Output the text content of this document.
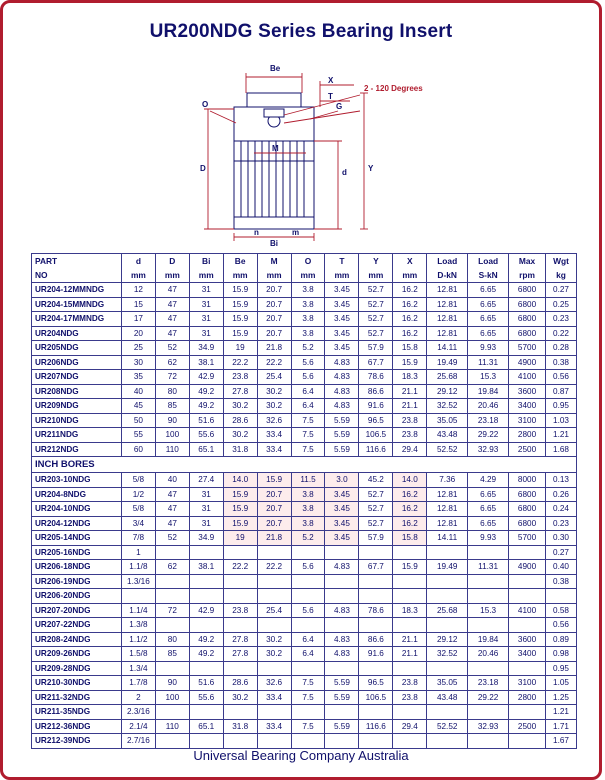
UR200NDG Series Bearing Insert
Be
X
T
G
O
D
M
d	Y
n	m
Bi
2 - 120 Degrees
PART	d	D	Bi	Be	M	O	T	Y	X	Load	Load	Max	Wgt
NO	mm	mm	mm	mm	mm	mm	mm	mm	mm	D-kN	S-kN	rpm	kg
UR204-12MMNDG	12	47	31	15.9	20.7	3.8	3.45	52.7	16.2	12.81	6.65	6800	0.27
UR204-15MMNDG	15	47	31	15.9	20.7	3.8	3.45	52.7	16.2	12.81	6.65	6800	0.25
UR204-17MMNDG	17	47	31	15.9	20.7	3.8	3.45	52.7	16.2	12.81	6.65	6800	0.23
UR204NDG	20	47	31	15.9	20.7	3.8	3.45	52.7	16.2	12.81	6.65	6800	0.22
UR205NDG	25	52	34.9	19	21.8	5.2	3.45	57.9	15.8	14.11	9.93	5700	0.28
UR206NDG	30	62	38.1	22.2	22.2	5.6	4.83	67.7	15.9	19.49	11.31	4900	0.38
UR207NDG	35	72	42.9	23.8	25.4	5.6	4.83	78.6	18.3	25.68	15.3	4100	0.56
UR208NDG	40	80	49.2	27.8	30.2	6.4	4.83	86.6	21.1	29.12	19.84	3600	0.87
UR209NDG	45	85	49.2	30.2	30.2	6.4	4.83	91.6	21.1	32.52	20.46	3400	0.95
UR210NDG	50	90	51.6	28.6	32.6	7.5	5.59	96.5	23.8	35.05	23.18	3100	1.03
UR211NDG	55	100	55.6	30.2	33.4	7.5	5.59	106.5	23.8	43.48	29.22	2800	1.21
UR212NDG	60	110	65.1	31.8	33.4	7.5	5.59	116.6	29.4	52.52	32.93	2500	1.68
INCH BORES													
UR203-10NDG	5/8	40	27.4	14.0	15.9	11.5	3.0	45.2	14.0	7.36	4.29	8000	0.13
UR204-8NDG	1/2	47	31	15.9	20.7	3.8	3.45	52.7	16.2	12.81	6.65	6800	0.26
UR204-10NDG	5/8	47	31	15.9	20.7	3.8	3.45	52.7	16.2	12.81	6.65	6800	0.24
UR204-12NDG	3/4	47	31	15.9	20.7	3.8	3.45	52.7	16.2	12.81	6.65	6800	0.23
UR205-14NDG	7/8	52	34.9	19	21.8	5.2	3.45	57.9	15.8	14.11	9.93	5700	0.30
UR205-16NDG	1												0.27
UR206-18NDG	1.1/8	62	38.1	22.2	22.2	5.6	4.83	67.7	15.9	19.49	11.31	4900	0.40
UR206-19NDG	1.3/16												0.38
UR206-20NDG													
UR207-20NDG	1.1/4	72	42.9	23.8	25.4	5.6	4.83	78.6	18.3	25.68	15.3	4100	0.58
UR207-22NDG	1.3/8												0.56
UR208-24NDG	1.1/2	80	49.2	27.8	30.2	6.4	4.83	86.6	21.1	29.12	19.84	3600	0.89
UR209-26NDG	1.5/8	85	49.2	27.8	30.2	6.4	4.83	91.6	21.1	32.52	20.46	3400	0.98
UR209-28NDG	1.3/4												0.95
UR210-30NDG	1.7/8	90	51.6	28.6	32.6	7.5	5.59	96.5	23.8	35.05	23.18	3100	1.05
UR211-32NDG	2	100	55.6	30.2	33.4	7.5	5.59	106.5	23.8	43.48	29.22	2800	1.25
UR211-35NDG	2.3/16												1.21
UR212-36NDG	2.1/4	110	65.1	31.8	33.4	7.5	5.59	116.6	29.4	52.52	32.93	2500	1.71
UR212-39NDG	2.7/16												1.67
Universal Bearing Company Australia
